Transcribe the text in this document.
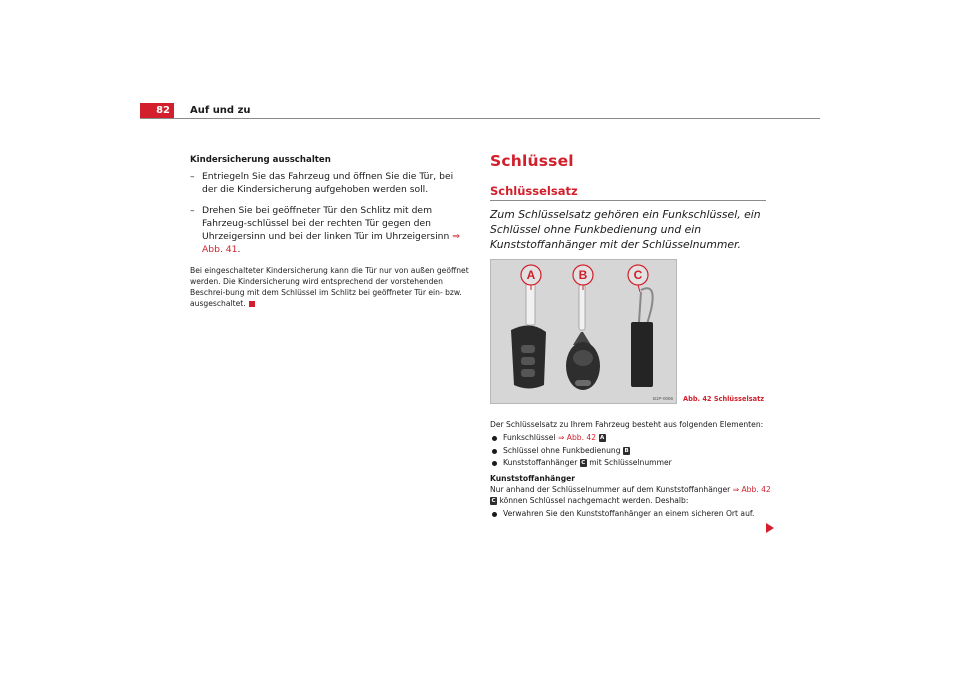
82	Auf und zu
Kindersicherung ausschalten
– Entriegeln Sie das Fahrzeug und öffnen Sie die Tür, bei der die Kindersicherung aufgehoben werden soll.
– Drehen Sie bei geöffneter Tür den Schlitz mit dem Fahrzeug-schlüssel bei der rechten Tür gegen den Uhrzeigersinn und bei der linken Tür im Uhrzeigersinn ⇒ Abb. 41.
Bei eingeschalteter Kindersicherung kann die Tür nur von außen geöffnet werden. Die Kindersicherung wird entsprechend der vorstehenden Beschrei-bung mit dem Schlüssel im Schlitz bei geöffneter Tür ein- bzw. ausgeschaltet.
Schlüssel
Schlüsselsatz
Zum Schlüsselsatz gehören ein Funkschlüssel, ein Schlüssel ohne Funkbedienung und ein Kunststoffanhänger mit der Schlüsselnummer.
A	B	C
B1P-0066 Abb. 42 Schlüsselsatz
Der Schlüsselsatz zu Ihrem Fahrzeug besteht aus folgenden Elementen:
Funkschlüssel ⇒ Abb. 42 A
Schlüssel ohne Funkbedienung B
Kunststoffanhänger C mit Schlüsselnummer
Kunststoffanhänger
Nur anhand der Schlüsselnummer auf dem Kunststoffanhänger ⇒ Abb. 42
C können Schlüssel nachgemacht werden. Deshalb:
Verwahren Sie den Kunststoffanhänger an einem sicheren Ort auf.
